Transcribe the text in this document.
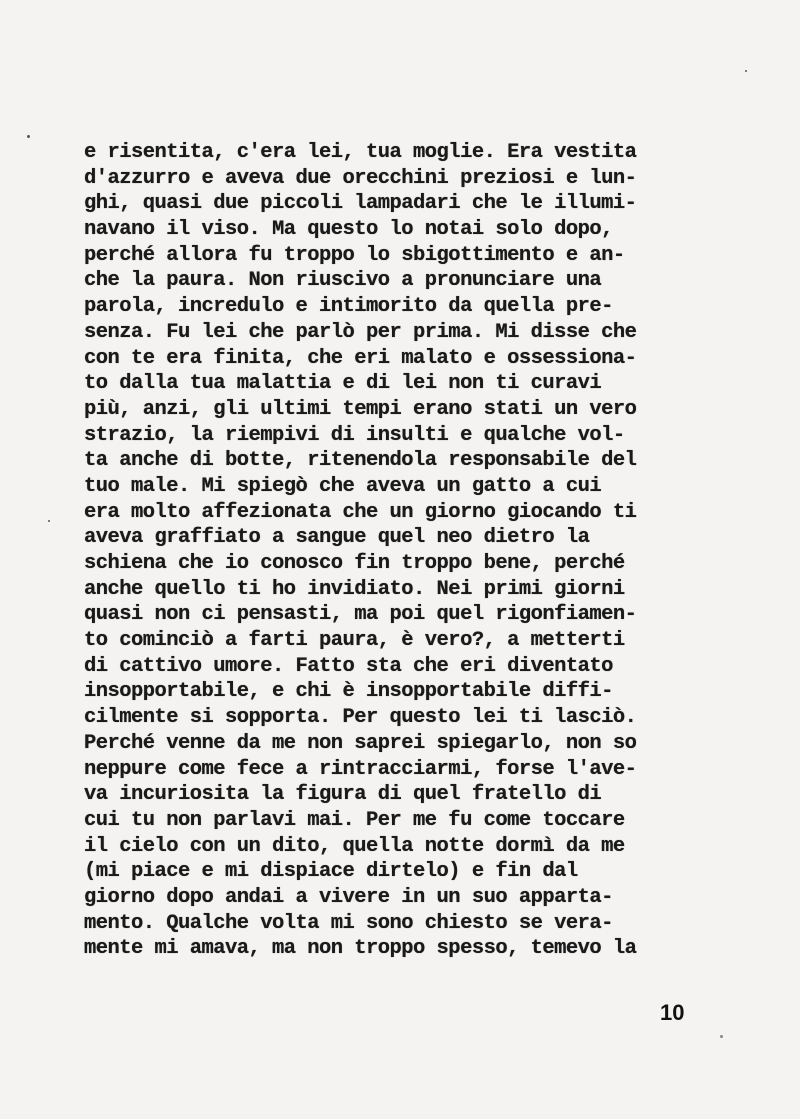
e risentita, c'era lei, tua moglie. Era vestita
d'azzurro e aveva due orecchini preziosi e lun-
ghi, quasi due piccoli lampadari che le illumi-
navano il viso. Ma questo lo notai solo dopo,
perché allora fu troppo lo sbigottimento e an-
che la paura. Non riuscivo a pronunciare una
parola, incredulo e intimorito da quella pre-
senza. Fu lei che parlò per prima. Mi disse che
con te era finita, che eri malato e ossessiona-
to dalla tua malattia e di lei non ti curavi
più, anzi, gli ultimi tempi erano stati un vero
strazio, la riempivi di insulti e qualche vol-
ta anche di botte, ritenendola responsabile del
tuo male. Mi spiegò che aveva un gatto a cui
era molto affezionata che un giorno giocando ti
aveva graffiato a sangue quel neo dietro la
schiena che io conosco fin troppo bene, perché
anche quello ti ho invidiato. Nei primi giorni
quasi non ci pensasti, ma poi quel rigonfiamen-
to cominciò a farti paura, è vero?, a metterti
di cattivo umore. Fatto sta che eri diventato
insopportabile, e chi è insopportabile diffi-
cilmente si sopporta. Per questo lei ti lasciò.
Perché venne da me non saprei spiegarlo, non so
neppure come fece a rintracciarmi, forse l'ave-
va incuriosita la figura di quel fratello di
cui tu non parlavi mai. Per me fu come toccare
il cielo con un dito, quella notte dormì da me
(mi piace e mi dispiace dirtelo) e fin dal
giorno dopo andai a vivere in un suo apparta-
mento. Qualche volta mi sono chiesto se vera-
mente mi amava, ma non troppo spesso, temevo la
10
